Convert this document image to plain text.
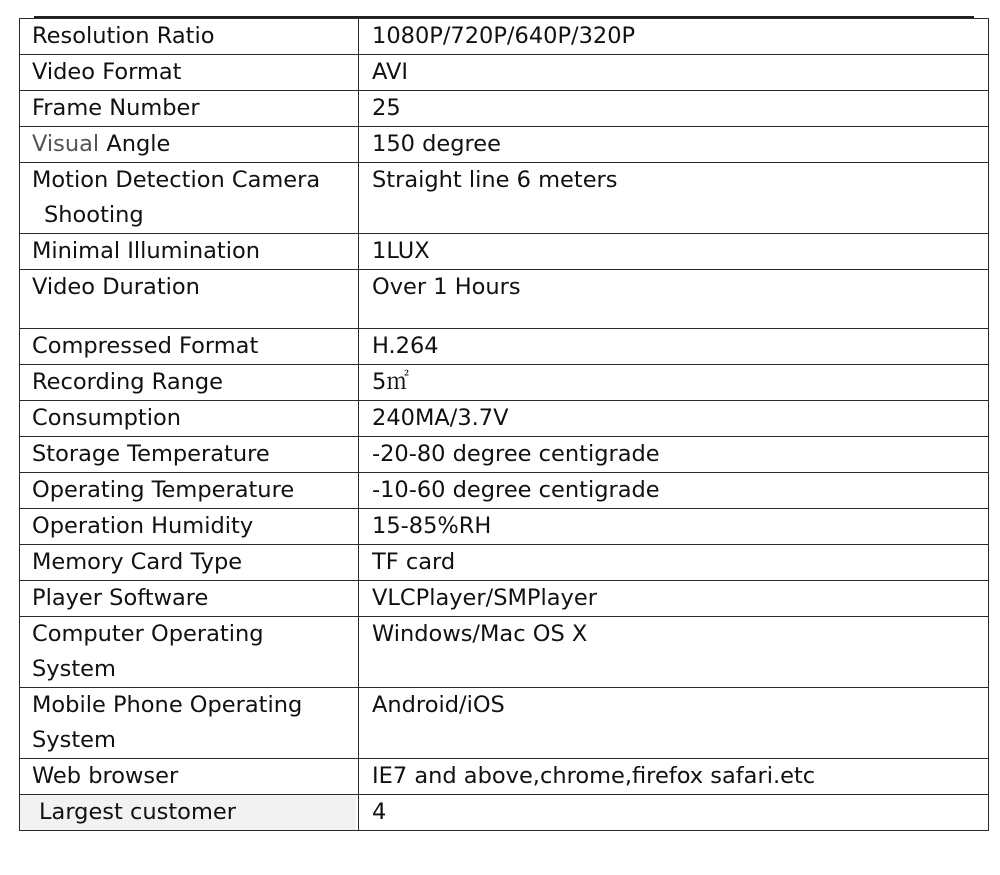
Resolution Ratio	1080P/720P/640P/320P
Video Format	AVI
Frame Number	25
Visual Angle	150 degree

Motion Detection Camera
Shooting	Straight line 6 meters
Minimal Illumination	1LUX
Video Duration	Over 1 Hours
Compressed Format	H.264
Recording Range	5㎡
Consumption	240MA/3.7V
Storage Temperature	-20-80 degree centigrade
Operating Temperature	-10-60 degree centigrade
Operation Humidity	15-85%RH
Memory Card Type	TF card
Player Software	VLCPlayer/SMPlayer

Computer Operating
System	Windows/Mac OS X

Mobile Phone Operating
System	Android/iOS
Web browser	IE7 and above,chrome,firefox safari.etc

Largest customer	4
